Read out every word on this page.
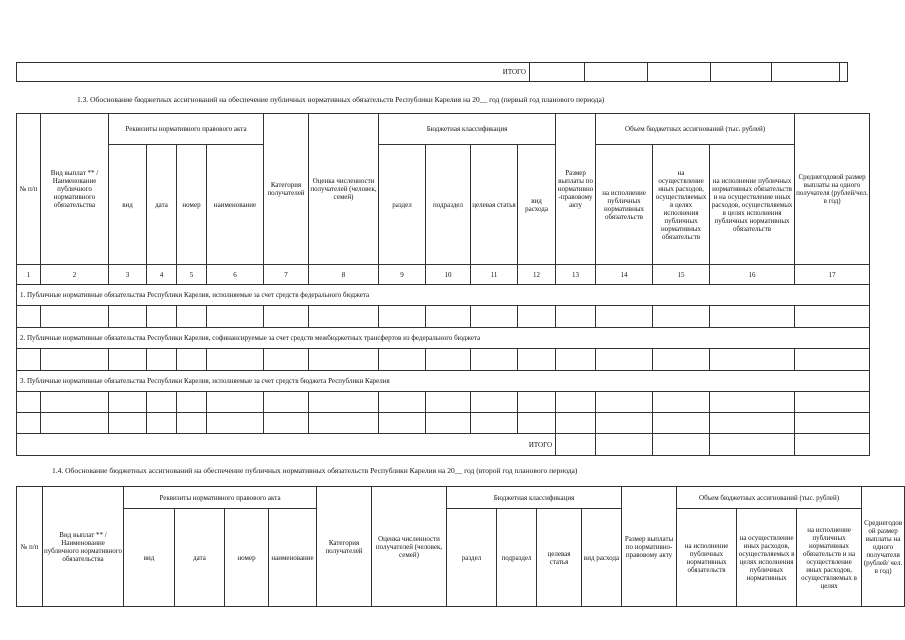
ИТОГО						
1.3. Обоснование бюджетных ассигнований на обеспечение публичных нормативных обязательств Республики Карелия на 20__ год (первый год планового периода)
№ п/п	Вид выплат ** / Наименование публичного нормативного обязательства	Реквизиты нормативного правового акта				Категория получателей	Оценка численности получателей (человек, семей)	Бюджетная классификация				Размер выплаты по нормативно-правовому акту	Объем бюджетных ассигнований (тыс. рублей)			Среднегодовой размер выплаты на одного получателя (рублей/чел. в год)
		вид	дата	номер	наименование			раздел	подраздел	целевая статья	вид расхода		на исполнение публичных нормативных обязательств	на осуществление иных расходов, осуществляемых в целях исполнения публичных нормативных обязательств	на исполнение публичных нормативных обязательств и на осуществление иных расходов, осуществляемых в целях исполнения публичных нормативных обязательств	
1	2	3	4	5	6	7	8	9	10	11	12	13	14	15	16	17
1. Публичные нормативные обязательства Республики Карелия, исполняемые за счет средств федерального бюджета																

2. Публичные нормативные обязательства Республики Карелия, софинансируемые за счет средств межбюджетных трансфертов из федерального бюджета																

3. Публичные нормативные обязательства Республики Карелия, исполняемые за счет средств бюджета Республики Карелия																

ИТОГО																
1.4. Обоснование бюджетных ассигнований на обеспечение публичных нормативных обязательств Республики Карелия на 20__ год (второй год планового периода)
№ п/п	Вид выплат ** / Наименование публичного нормативного обязательства	Реквизиты нормативного правового акта				Категория получателей	Оценка численности получателей (человек, семей)	Бюджетная классификация				Размер выплаты по нормативно-правовому акту	Объем бюджетных ассигнований (тыс. рублей)			Среднегодовой размер выплаты на одного получателя (рублей/ чел. в год)
		вид	дата	номер	наименование			раздел	подраздел	целевая статья	вид расхода		на исполнение публичных нормативных обязательств	на осуществление иных расходов, осуществляемых в целях исполнения публичных нормативных	на исполнение публичных нормативных обязательств и на осуществление иных расходов, осуществляемых в целях	
